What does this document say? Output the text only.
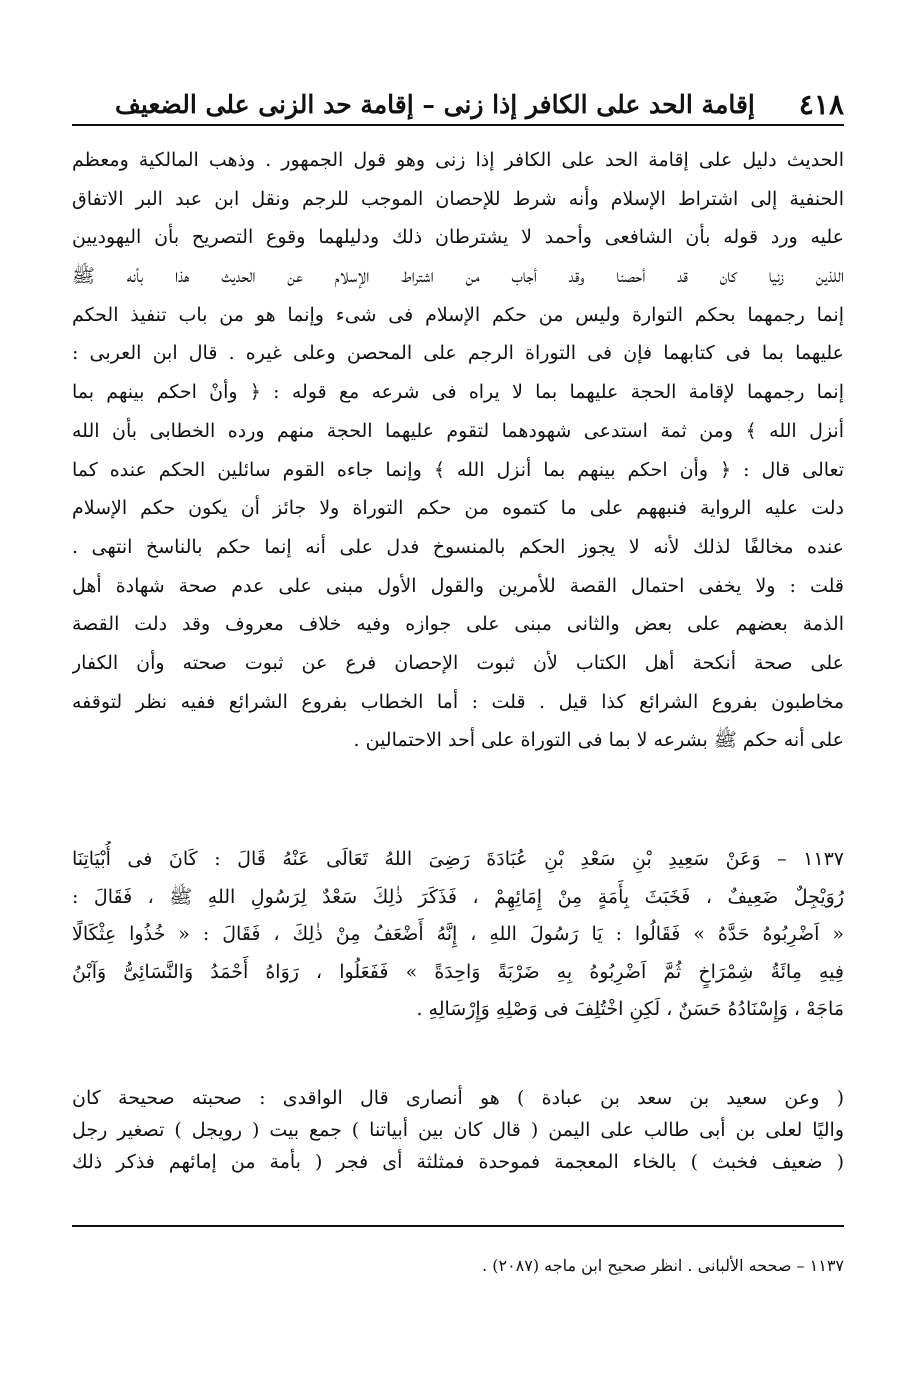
٤١٨
إقامة الحد على الكافر إذا زنى – إقامة حد الزنى على الضعيف
الحديث دليل على إقامة الحد على الكافر إذا زنى وهو قول الجمهور . وذهب المالكية ومعظم
الحنفية إلى اشتراط الإسلام وأنه شرط للإحصان الموجب للرجم ونقل ابن عبد البر الاتفاق
عليه ورد قوله بأن الشافعى وأحمد لا يشترطان ذلك ودليلهما وقوع التصريح بأن اليهوديين
اللذين زنيا كان قد أحصنا وقد أجاب من اشتراط الإسلام عن الحديث هذا بأنه ﷺ
إنما رجمهما بحكم التوارة وليس من حكم الإسلام فى شىء وإنما هو من باب تنفيذ الحكم
عليهما بما فى كتابهما فإن فى التوراة الرجم على المحصن وعلى غيره . قال ابن العربى :
إنما رجمهما لإقامة الحجة عليهما بما لا يراه فى شرعه مع قوله : ﴿ وأنْ احكم بينهم بما
أنزل الله ﴾ ومن ثمة استدعى شهودهما لتقوم عليهما الحجة منهم ورده الخطابى بأن الله
تعالى قال : ﴿ وأن احكم بينهم بما أنزل الله ﴾ وإنما جاءه القوم سائلين الحكم عنده كما
دلت عليه الرواية فنبههم على ما كتموه من حكم التوراة ولا جائز أن يكون حكم الإسلام
عنده مخالفًا لذلك لأنه لا يجوز الحكم بالمنسوخ فدل على أنه إنما حكم بالناسخ انتهى .
قلت : ولا يخفى احتمال القصة للأمرين والقول الأول مبنى على عدم صحة شهادة أهل
الذمة بعضهم على بعض والثانى مبنى على جوازه وفيه خلاف معروف وقد دلت القصة
على صحة أنكحة أهل الكتاب لأن ثبوت الإحصان فرع عن ثبوت صحته وأن الكفار
مخاطبون بفروع الشرائع كذا قيل . قلت : أما الخطاب بفروع الشرائع ففيه نظر لتوقفه
على أنه حكم ﷺ بشرعه لا بما فى التوراة على أحد الاحتمالين .
١١٣٧ – وَعَنْ سَعِيدِ بْنِ سَعْدِ بْنِ عُبَادَةَ رَضِىَ اللهُ تَعَالَى عَنْهُ قَالَ : كَانَ فى أُبْيَاتِنَا
رُوَيْجِلٌ ضَعِيفٌ ، فَخَبَثَ بِأَمَةٍ مِنْ إِمَائِهِمْ ، فَذَكَرَ ذٰلِكَ سَعْدٌ لِرَسُولِ اللهِ ﷺ ، فَقَالَ :
« اَضْرِبُوهُ حَدَّهُ » فَقَالُوا : يَا رَسُولَ اللهِ ، إِنَّهُ أَضْعَفُ مِنْ ذٰلِكَ ، فَقَالَ : « خُذُوا عِثْكَالًا
فِيهِ مِائَةُ شِمْرَاخٍ ثُمَّ اَضْرِبُوهُ بِهِ ضَرْبَةً وَاحِدَةً » فَفَعَلُوا ، رَوَاهُ أَحْمَدُ وَالنَّسَائِىُّ وَآبْنُ
مَاجَهْ ، وَإِسْنَادُهُ حَسَنٌ ، لَكِنِ اخْتُلِفَ فى وَصْلِهِ وَإِرْسَالِهِ .
( وعن سعيد بن سعد بن عبادة ) هو أنصارى قال الواقدى : صحبته صحيحة كان
واليًا لعلى بن أبى طالب على اليمن ( قال كان بين أبياتنا ) جمع بيت ( رويجل ) تصغير رجل
( ضعيف فخبث ) بالخاء المعجمة فموحدة فمثلثة أى فجر ( بأمة من إمائهم فذكر ذلك
١١٣٧ – صححه الألبانى . انظر صحيح ابن ماجه (٢٠٨٧) .
